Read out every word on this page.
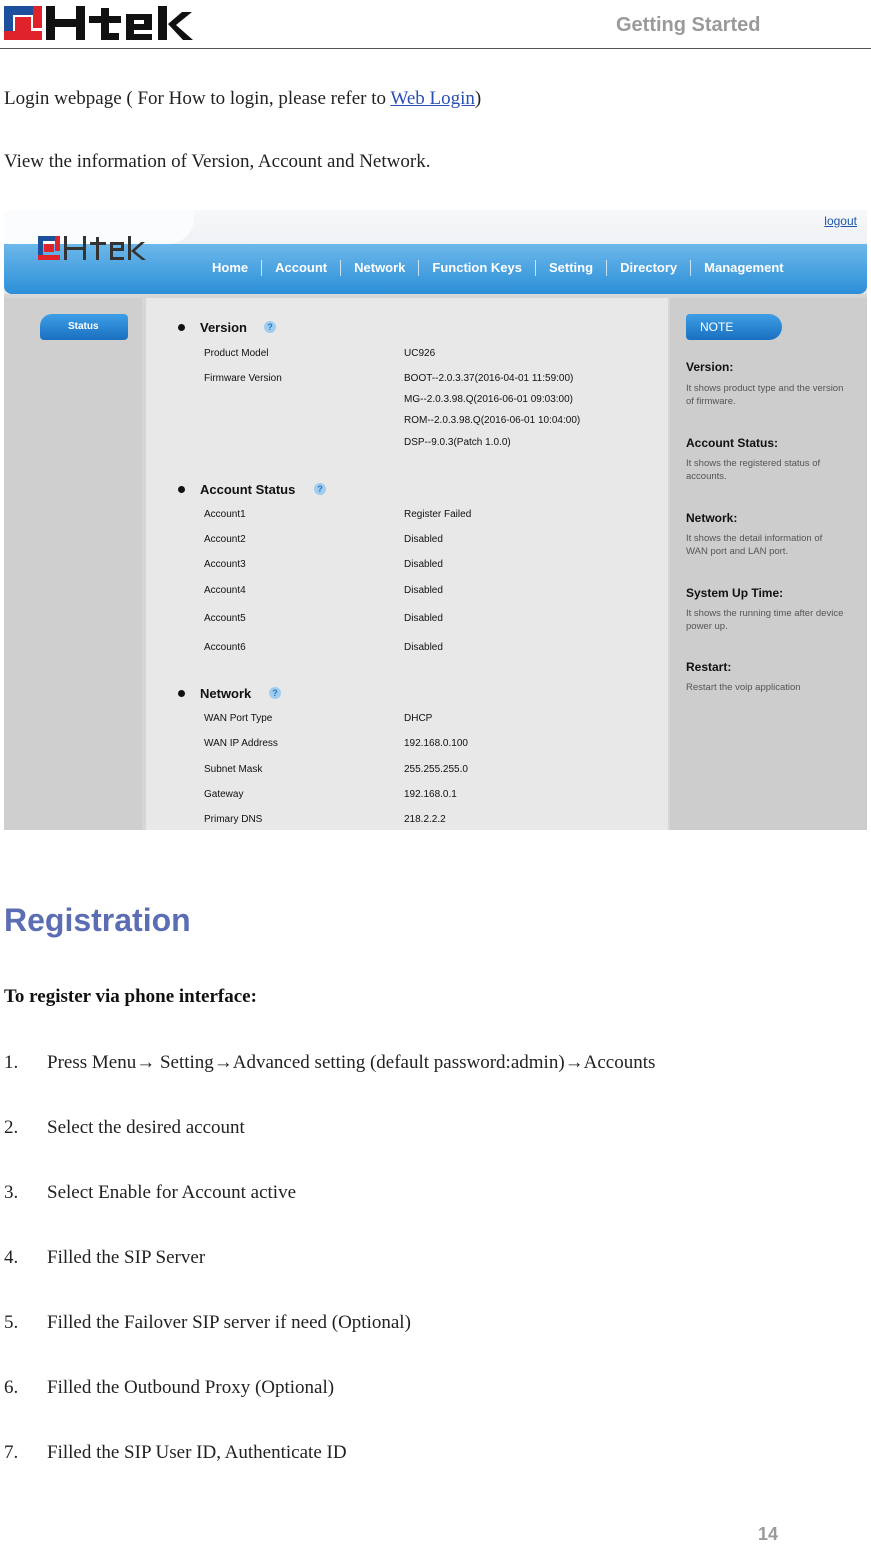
Getting Started
Login webpage ( For How to login, please refer to Web Login)
View the information of Version, Account and Network.
logout
Home	Account	Network	Function Keys	Setting	Directory	Management
Status	Version	?
Product Model	UC926
Firmware Version	BOOT--2.0.3.37(2016-04-01 11:59:00)
MG--2.0.3.98.Q(2016-06-01 09:03:00)
ROM--2.0.3.98.Q(2016-06-01 10:04:00)
DSP--9.0.3(Patch 1.0.0)
Account Status	?
Account1	Register Failed
Account2	Disabled
Account3	Disabled
Account4	Disabled
Account5	Disabled
Account6	Disabled
Network	?
WAN Port Type	DHCP
WAN IP Address	192.168.0.100
Subnet Mask	255.255.255.0
Gateway	192.168.0.1
Primary DNS	218.2.2.2
NOTE
Version:
It shows product type and the version of firmware.
Account Status:
It shows the registered status of accounts.
Network:
It shows the detail information of WAN port and LAN port.
System Up Time:
It shows the running time after device power up.
Restart:
Restart the voip application
Registration
To register via phone interface:
1. Press Menu→ Setting→Advanced setting (default password:admin)→Accounts
2. Select the desired account
3. Select Enable for Account active
4. Filled the SIP Server
5. Filled the Failover SIP server if need (Optional)
6. Filled the Outbound Proxy (Optional)
7. Filled the SIP User ID, Authenticate ID
14
